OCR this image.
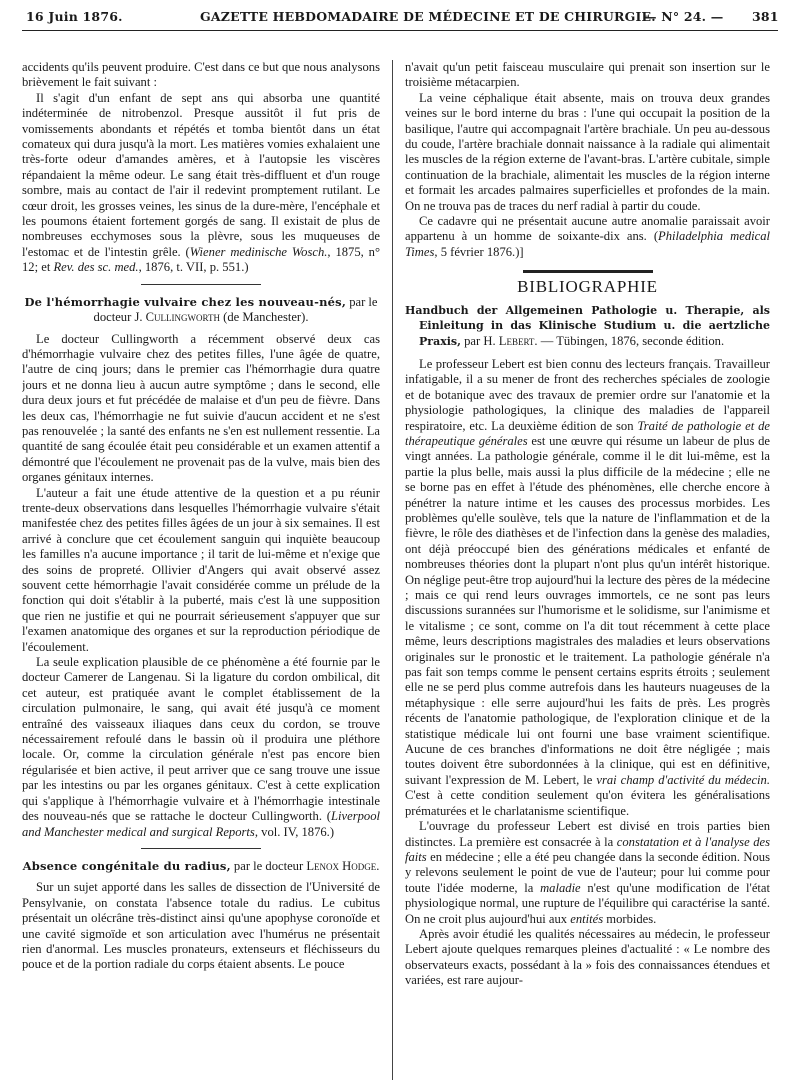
16 Juin 1876.	GAZETTE HEBDOMADAIRE DE MÉDECINE ET DE CHIRURGIE.
— N° 24. — 381

accidents qu'ils peuvent produire. C'est dans ce but que nous analysons brièvement le fait suivant :

Il s'agit d'un enfant de sept ans qui absorba une quantité indéterminée de nitrobenzol. Presque aussitôt il fut pris de vomissements abondants et répétés et tomba bientôt dans un état comateux qui dura jusqu'à la mort. Les matières vomies exhalaient une très-forte odeur d'amandes amères, et à l'autopsie les viscères répandaient la même odeur. Le sang était très-diffluent et d'un rouge sombre, mais au contact de l'air il redevint promptement rutilant. Le cœur droit, les grosses veines, les sinus de la dure-mère, l'encéphale et les poumons étaient fortement gorgés de sang. Il existait de plus de nombreuses ecchymoses sous la plèvre, sous les muqueuses de l'estomac et de l'intestin grêle. (Wiener medinische Wosch., 1875, n° 12; et Rev. des sc. med., 1876, t. VII, p. 551.)

De l'hémorrhagie vulvaire chez les nouveau-nés, par le docteur J. Cullingworth (de Manchester).

Le docteur Cullingworth a récemment observé deux cas d'hémorrhagie vulvaire chez des petites filles, l'une âgée de quatre, l'autre de cinq jours; dans le premier cas l'hémorrhagie dura quatre jours et ne donna lieu à aucun autre symptôme ; dans le second, elle dura deux jours et fut précédée de malaise et d'un peu de fièvre. Dans les deux cas, l'hémorrhagie ne fut suivie d'aucun accident et ne s'est pas renouvelée ; la santé des enfants ne s'en est nullement ressentie. La quantité de sang écoulée était peu considérable et un examen attentif a démontré que l'écoulement ne provenait pas de la vulve, mais bien des organes génitaux internes.

L'auteur a fait une étude attentive de la question et a pu réunir trente-deux observations dans lesquelles l'hémorrhagie vulvaire s'était manifestée chez des petites filles âgées de un jour à six semaines. Il est arrivé à conclure que cet écoulement sanguin qui inquiète beaucoup les familles n'a aucune importance ; il tarit de lui-même et n'exige que des soins de propreté. Ollivier d'Angers qui avait observé assez souvent cette hémorrhagie l'avait considérée comme un prélude de la fonction qui doit s'établir à la puberté, mais c'est là une supposition que rien ne justifie et qui ne pourrait sérieusement s'appuyer que sur l'examen anatomique des organes et sur la reproduction périodique de l'écoulement.

La seule explication plausible de ce phénomène a été fournie par le docteur Camerer de Langenau. Si la ligature du cordon ombilical, dit cet auteur, est pratiquée avant le complet établissement de la circulation pulmonaire, le sang, qui avait été jusqu'à ce moment entraîné des vaisseaux iliaques dans ceux du cordon, se trouve nécessairement refoulé dans le bassin où il produira une pléthore locale. Or, comme la circulation générale n'est pas encore bien régularisée et bien active, il peut arriver que ce sang trouve une issue par les intestins ou par les organes génitaux. C'est à cette explication qui s'applique à l'hémorrhagie vulvaire et à l'hémorrhagie intestinale des nouveau-nés que se rattache le docteur Cullingworth. (Liverpool and Manchester medical and surgical Reports, vol. IV, 1876.)

Absence congénitale du radius, par le docteur Lenox Hodge.

Sur un sujet apporté dans les salles de dissection de l'Université de Pensylvanie, on constata l'absence totale du radius. Le cubitus présentait un olécrâne très-distinct ainsi qu'une apophyse coronoïde et une cavité sigmoïde et son articulation avec l'humérus ne présentait rien d'anormal. Les muscles pronateurs, extenseurs et fléchisseurs du pouce et de la portion radiale du corps étaient absents. Le pouce

n'avait qu'un petit faisceau musculaire qui prenait son insertion sur le troisième métacarpien.

La veine céphalique était absente, mais on trouva deux grandes veines sur le bord interne du bras : l'une qui occupait la position de la basilique, l'autre qui accompagnait l'artère brachiale. Un peu au-dessous du coude, l'artère brachiale donnait naissance à la radiale qui alimentait les muscles de la région externe de l'avant-bras. L'artère cubitale, simple continuation de la brachiale, alimentait les muscles de la région interne et formait les arcades palmaires superficielles et profondes de la main. On ne trouva pas de traces du nerf radial à partir du coude.

Ce cadavre qui ne présentait aucune autre anomalie paraissait avoir appartenu à un homme de soixante-dix ans. (Philadelphia medical Times, 5 février 1876.)]

BIBLIOGRAPHIE

Handbuch der Allgemeinen Pathologie u. Therapie, als Einleitung in das Klinische Studium u. die aertzliche Praxis, par H. Lebert. — Tübingen, 1876, seconde édition.

Le professeur Lebert est bien connu des lecteurs français. Travailleur infatigable, il a su mener de front des recherches spéciales de zoologie et de botanique avec des travaux de premier ordre sur l'anatomie et la physiologie pathologiques, la clinique des maladies de l'appareil respiratoire, etc. La deuxième édition de son Traité de pathologie et de thérapeutique générales est une œuvre qui résume un labeur de plus de vingt années. La pathologie générale, comme il le dit lui-même, est la partie la plus belle, mais aussi la plus difficile de la médecine ; elle ne se borne pas en effet à l'étude des phénomènes, elle cherche encore à pénétrer la nature intime et les causes des processus morbides. Les problèmes qu'elle soulève, tels que la nature de l'inflammation et de la fièvre, le rôle des diathèses et de l'infection dans la genèse des maladies, ont déjà préoccupé bien des générations médicales et enfanté de nombreuses théories dont la plupart n'ont plus qu'un intérêt historique. On néglige peut-être trop aujourd'hui la lecture des pères de la médecine ; mais ce qui rend leurs ouvrages immortels, ce ne sont pas leurs discussions surannées sur l'humorisme et le solidisme, sur l'animisme et le vitalisme ; ce sont, comme on l'a dit tout récemment à cette place même, leurs descriptions magistrales des maladies et leurs observations originales sur le pronostic et le traitement. La pathologie générale n'a pas fait son temps comme le pensent certains esprits étroits ; seulement elle ne se perd plus comme autrefois dans les hauteurs nuageuses de la métaphysique : elle serre aujourd'hui les faits de près. Les progrès récents de l'anatomie pathologique, de l'exploration clinique et de la statistique médicale lui ont fourni une base vraiment scientifique. Aucune de ces branches d'informations ne doit être négligée ; mais toutes doivent être subordonnées à la clinique, qui est en définitive, suivant l'expression de M. Lebert, le vrai champ d'activité du médecin. C'est à cette condition seulement qu'on évitera les généralisations prématurées et le charlatanisme scientifique.

L'ouvrage du professeur Lebert est divisé en trois parties bien distinctes. La première est consacrée à la constatation et à l'analyse des faits en médecine ; elle a été peu changée dans la seconde édition. Nous y relevons seulement le point de vue de l'auteur; pour lui comme pour toute l'idée moderne, la maladie n'est qu'une modification de l'état physiologique normal, une rupture de l'équilibre qui caractérise la santé. On ne croit plus aujourd'hui aux entités morbides.

Après avoir étudié les qualités nécessaires au médecin, le professeur Lebert ajoute quelques remarques pleines d'actualité : « Le nombre des observateurs exacts, possédant à la » fois des connaissances étendues et variées, est rare aujour-
